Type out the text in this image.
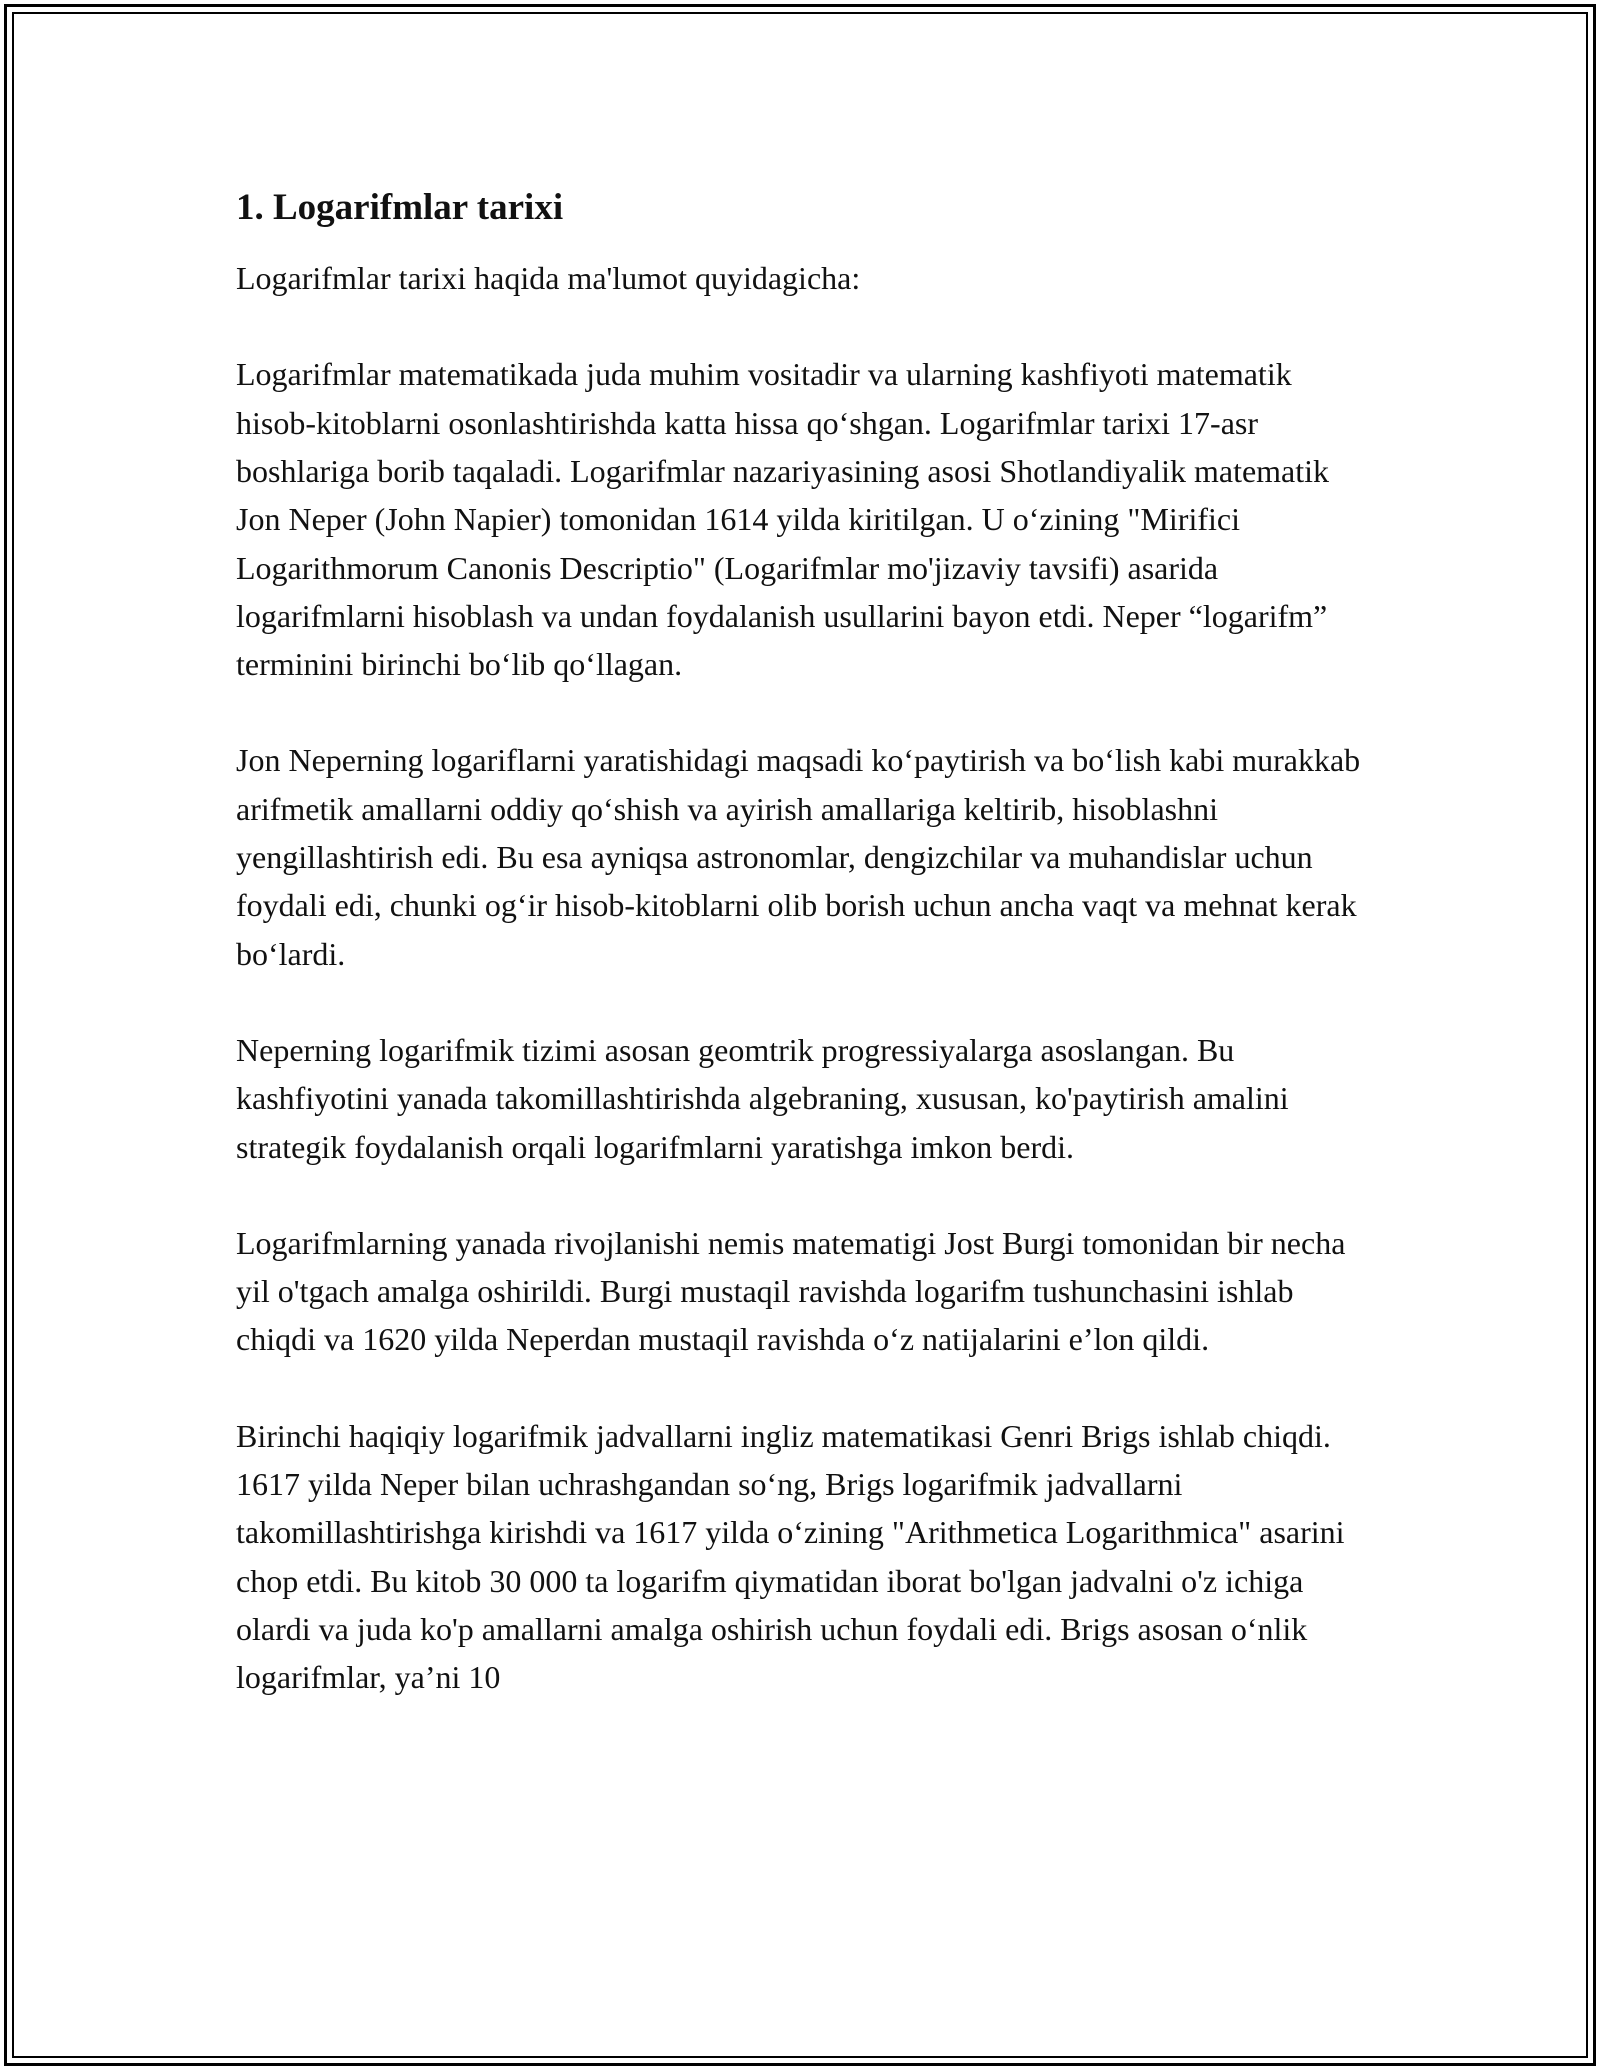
1. Logarifmlar tarixi

Logarifmlar tarixi haqida ma'lumot quyidagicha:

Logarifmlar matematikada juda muhim vositadir va ularning kashfiyoti matematik hisob-kitoblarni osonlashtirishda katta hissa qo‘shgan. Logarifmlar tarixi 17-asr boshlariga borib taqaladi. Logarifmlar nazariyasining asosi Shotlandiyalik matematik Jon Neper (John Napier) tomonidan 1614 yilda kiritilgan. U o‘zining "Mirifici Logarithmorum Canonis Descriptio" (Logarifmlar mo'jizaviy tavsifi) asarida logarifmlarni hisoblash va undan foydalanish usullarini bayon etdi. Neper “logarifm” terminini birinchi bo‘lib qo‘llagan.

Jon Neperning logariflarni yaratishidagi maqsadi ko‘paytirish va bo‘lish kabi murakkab arifmetik amallarni oddiy qo‘shish va ayirish amallariga keltirib, hisoblashni yengillashtirish edi. Bu esa ayniqsa astronomlar, dengizchilar va muhandislar uchun foydali edi, chunki og‘ir hisob-kitoblarni olib borish uchun ancha vaqt va mehnat kerak bo‘lardi.

Neperning logarifmik tizimi asosan geomtrik progressiyalarga asoslangan. Bu kashfiyotini yanada takomillashtirishda algebraning, xususan, ko'paytirish amalini strategik foydalanish orqali logarifmlarni yaratishga imkon berdi.

Logarifmlarning yanada rivojlanishi nemis matematigi Jost Burgi tomonidan bir necha yil o'tgach amalga oshirildi. Burgi mustaqil ravishda logarifm tushunchasini ishlab chiqdi va 1620 yilda Neperdan mustaqil ravishda o‘z natijalarini e’lon qildi.

Birinchi haqiqiy logarifmik jadvallarni ingliz matematikasi Genri Brigs ishlab chiqdi. 1617 yilda Neper bilan uchrashgandan so‘ng, Brigs logarifmik jadvallarni takomillashtirishga kirishdi va 1617 yilda o‘zining "Arithmetica Logarithmica" asarini chop etdi. Bu kitob 30 000 ta logarifm qiymatidan iborat bo'lgan jadvalni o'z ichiga olardi va juda ko'p amallarni amalga oshirish uchun foydali edi. Brigs asosan o‘nlik logarifmlar, ya’ni 10
